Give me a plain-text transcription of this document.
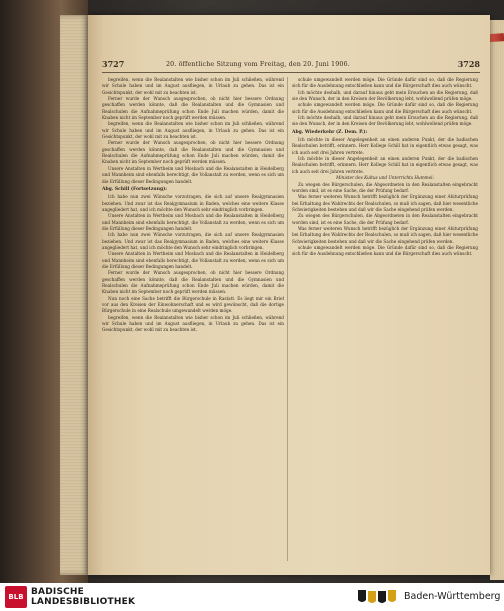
3727	20. öffentliche Sitzung vom Freitag, den 20. Juni 1906.	3728

begreifen, wenn die Realanstalten wie bisher schon im Juli schließen, während wir Schule haben und im August ausfliegen, in Urlaub zu gehen. Das ist ein Gesichtspunkt, der wohl mit zu beachten ist.

Ferner wurde der Wunsch ausgesprochen, ob nicht hier bessere Ordnung geschaffen werden könnte, daß die Realanstalten und die Gymnasien und Realschulen die Aufnahmeprüfung schon Ende Juli machen würden, damit die Knaben nicht im September noch geprüft werden müssen.

begreifen, wenn die Realanstalten wie bisher schon im Juli schließen, während wir Schule haben und im August ausfliegen, in Urlaub zu gehen. Das ist ein Gesichtspunkt, der wohl mit zu beachten ist.

Ferner wurde der Wunsch ausgesprochen, ob nicht hier bessere Ordnung geschaffen werden könnte, daß die Realanstalten und die Gymnasien und Realschulen die Aufnahmeprüfung schon Ende Juli machen würden, damit die Knaben nicht im September noch geprüft werden müssen.

Unsere Anstalten in Wertheim und Mosbach und die Realanstalten in Heidelberg und Mannheim sind ebenfalls berechtigt, die Vollanstalt zu werden, wenn es sich um die Erfüllung dieser Bedingungen handelt.

Abg. Schill (Fortsetzung):

Ich habe nun zwei Wünsche vorzutragen, die sich auf unsere Realgymnasien beziehen. Und zwar ist das Realgymnasium in Baden, welches eine weitere Klasse angegliedert hat, und ich möchte den Wunsch sehr eindringlich vorbringen.

Unsere Anstalten in Wertheim und Mosbach und die Realanstalten in Heidelberg und Mannheim sind ebenfalls berechtigt, die Vollanstalt zu werden, wenn es sich um die Erfüllung dieser Bedingungen handelt.

Ich habe nun zwei Wünsche vorzutragen, die sich auf unsere Realgymnasien beziehen. Und zwar ist das Realgymnasium in Baden, welches eine weitere Klasse angegliedert hat, und ich möchte den Wunsch sehr eindringlich vorbringen.

Unsere Anstalten in Wertheim und Mosbach und die Realanstalten in Heidelberg und Mannheim sind ebenfalls berechtigt, die Vollanstalt zu werden, wenn es sich um die Erfüllung dieser Bedingungen handelt.

Ferner wurde der Wunsch ausgesprochen, ob nicht hier bessere Ordnung geschaffen werden könnte, daß die Realanstalten und die Gymnasien und Realschulen die Aufnahmeprüfung schon Ende Juli machen würden, damit die Knaben nicht im September noch geprüft werden müssen.

Nun noch eine Sache betrifft die Bürgerschule in Rastatt. Es liegt mir ein Brief vor aus den Kreisen der Einwohnerschaft und es wird gewünscht, daß die dortige Bürgerschule in eine Realschule umgewandelt werden möge.

begreifen, wenn die Realanstalten wie bisher schon im Juli schließen, während wir Schule haben und im August ausfliegen, in Urlaub zu gehen. Das ist ein Gesichtspunkt, der wohl mit zu beachten ist.

schule umgewandelt werden möge. Die Gründe dafür sind so, daß die Regierung sich für die Ausdehnung entschließen kann und die Bürgerschaft dies auch wünscht.

Ich möchte deshalb, und darauf hinaus geht mein Ersuchen an die Regierung, daß sie den Wunsch, der in den Kreisen der Bevölkerung lebt, wohlwollend prüfen möge.

schule umgewandelt werden möge. Die Gründe dafür sind so, daß die Regierung sich für die Ausdehnung entschließen kann und die Bürgerschaft dies auch wünscht.

Ich möchte deshalb, und darauf hinaus geht mein Ersuchen an die Regierung, daß sie den Wunsch, der in den Kreisen der Bevölkerung lebt, wohlwollend prüfen möge.

Abg. Wiederkehr (Z. Dem. P.):

Ich möchte in dieser Angelegenheit an einen anderen Punkt, der die badischen Realschulen betrifft, erinnern. Herr Kollege Schill hat in eigentlich etwas gesagt, was ich auch seit drei Jahren vertrete.

Ich möchte in dieser Angelegenheit an einen anderen Punkt, der die badischen Realschulen betrifft, erinnern. Herr Kollege Schill hat in eigentlich etwas gesagt, was ich auch seit drei Jahren vertrete.

Minister des Kultus und Unterrichts Hummel:

Zu wiegen des Bürgerschulen, die Abgeordneten in den Realanstalten eingebracht worden sind, ist es eine Sache, die der Prüfung bedarf.

Was ferner weiteren Wunsch betrifft bezüglich der Ergänzung einer Abiturprüfung bei Erhaltung des Wahlrechts der Realschulen, so muß ich sagen, daß hier wesentliche Schwierigkeiten bestehen und daß wir die Sache eingehend prüfen werden.

Zu wiegen des Bürgerschulen, die Abgeordneten in den Realanstalten eingebracht worden sind, ist es eine Sache, die der Prüfung bedarf.

Was ferner weiteren Wunsch betrifft bezüglich der Ergänzung einer Abiturprüfung bei Erhaltung des Wahlrechts der Realschulen, so muß ich sagen, daß hier wesentliche Schwierigkeiten bestehen und daß wir die Sache eingehend prüfen werden.

schule umgewandelt werden möge. Die Gründe dafür sind so, daß die Regierung sich für die Ausdehnung entschließen kann und die Bürgerschaft dies auch wünscht.

BLB BADISCHE
LANDESBIBLIOTHEK	Baden-Württemberg
